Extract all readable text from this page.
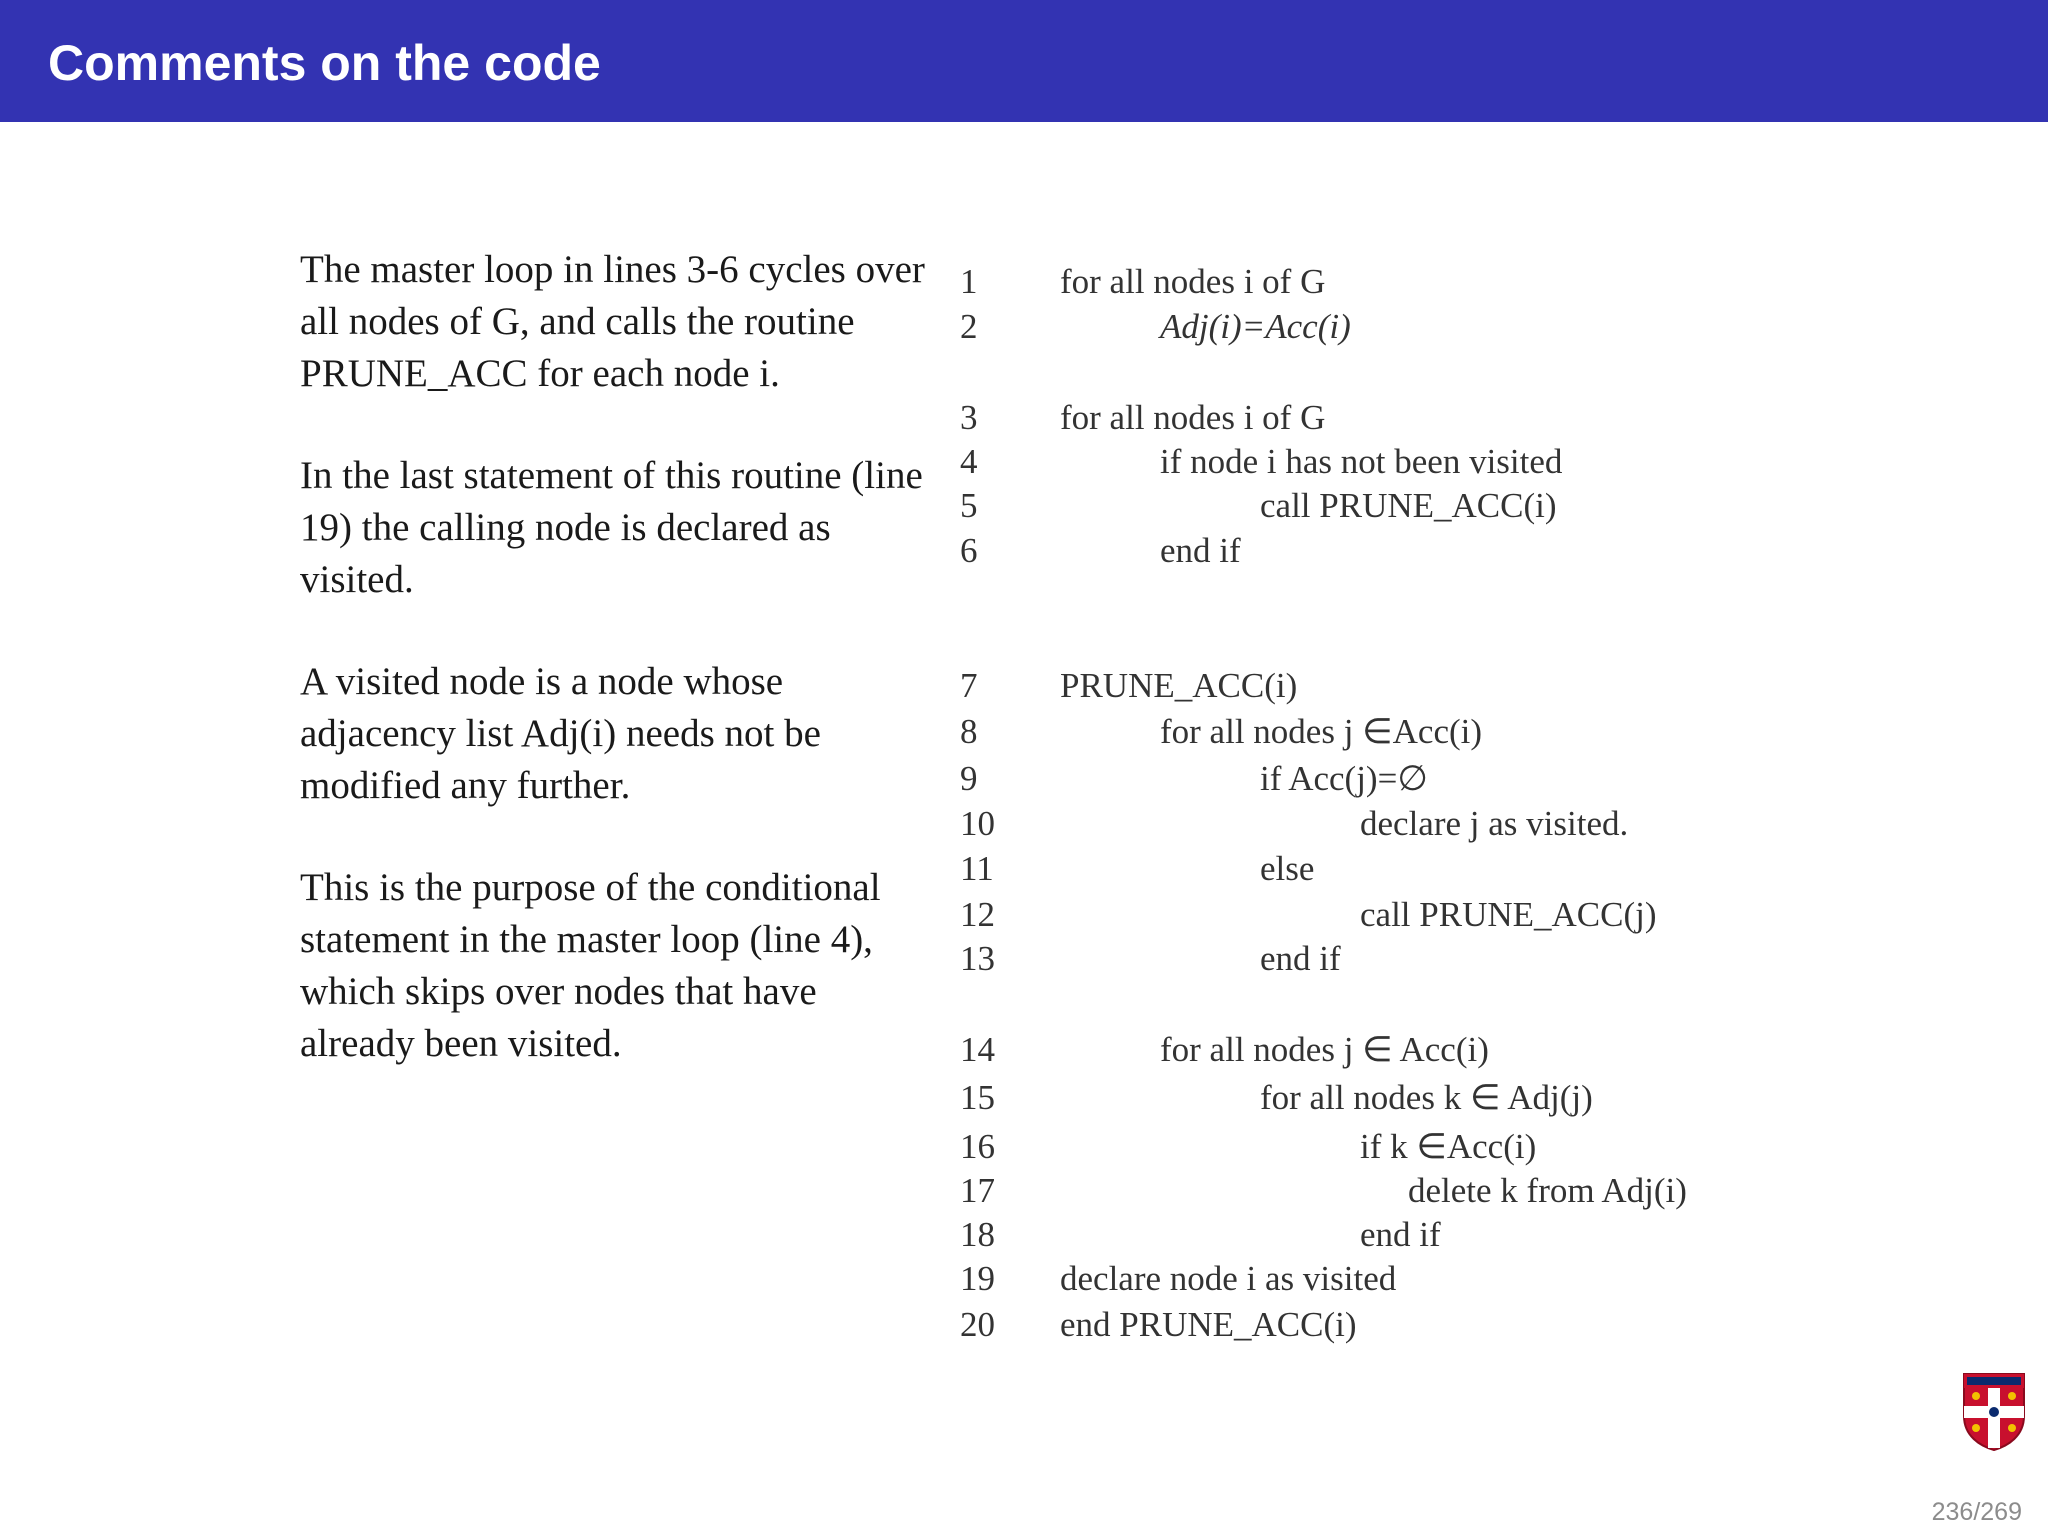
Comments on the code

The master loop in lines 3-6 cycles over all nodes of G, and calls the routine PRUNE_ACC for each node i.

In the last statement of this routine (line 19) the calling node is declared as visited.

A visited node is a node whose adjacency list Adj(i) needs not be modified any further.

This is the purpose of the conditional statement in the master loop (line 4), which skips over nodes that have already been visited.

1 for all nodes i of G
2	Adj(i)=Acc(i)
3 for all nodes i of G
4	if node i has not been visited
5	call PRUNE_ACC(i)
6	end if
7 PRUNE_ACC(i)
8	for all nodes j ∈Acc(i)
9	if Acc(j)=∅
10	declare j as visited.
11	else
12	call PRUNE_ACC(j)
13	end if
14	for all nodes j ∈ Acc(i)
15	for all nodes k ∈ Adj(j)
16	if k ∈Acc(i)
17	delete k from Adj(i)
18	end if
19 declare node i as visited
20 end PRUNE_ACC(i)
236/269
